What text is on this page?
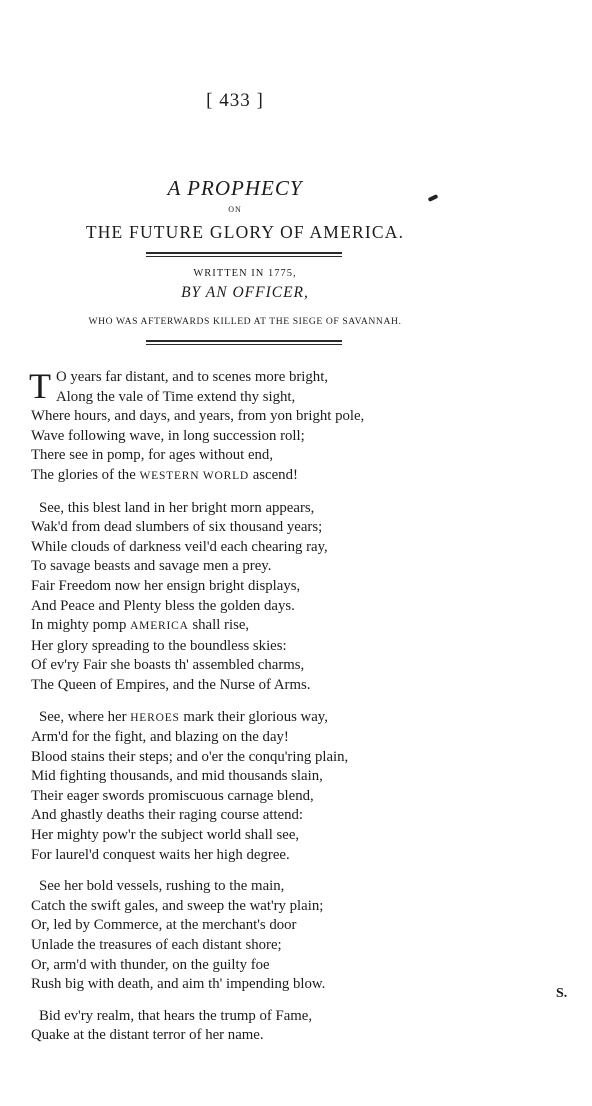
[ 433 ]
A PROPHECY
ON
THE FUTURE GLORY OF AMERICA.
WRITTEN IN 1775,
BY AN OFFICER,
WHO WAS AFTERWARDS KILLED AT THE SIEGE OF SAVANNAH.
T O years far distant, and to scenes more bright,
Along the vale of Time extend thy sight,
Where hours, and days, and years, from yon bright pole,
Wave following wave, in long succession roll;
There see in pomp, for ages without end,
The glories of the WESTERN WORLD ascend!
See, this blest land in her bright morn appears,
Wak'd from dead slumbers of six thousand years;
While clouds of darkness veil'd each chearing ray,
To savage beasts and savage men a prey.
Fair Freedom now her ensign bright displays,
And Peace and Plenty bless the golden days.
In mighty pomp AMERICA shall rise,
Her glory spreading to the boundless skies:
Of ev'ry Fair she boasts th' assembled charms,
The Queen of Empires, and the Nurse of Arms.
See, where her HEROES mark their glorious way,
Arm'd for the fight, and blazing on the day!
Blood stains their steps; and o'er the conqu'ring plain,
Mid fighting thousands, and mid thousands slain,
Their eager swords promiscuous carnage blend,
And ghastly deaths their raging course attend:
Her mighty pow'r the subject world shall see,
For laurel'd conquest waits her high degree.
See her bold vessels, rushing to the main,
Catch the swift gales, and sweep the wat'ry plain;
Or, led by Commerce, at the merchant's door
Unlade the treasures of each distant shore;
Or, arm'd with thunder, on the guilty foe
Rush big with death, and aim th' impending blow.
Bid ev'ry realm, that hears the trump of Fame,
Quake at the distant terror of her name.
S.
